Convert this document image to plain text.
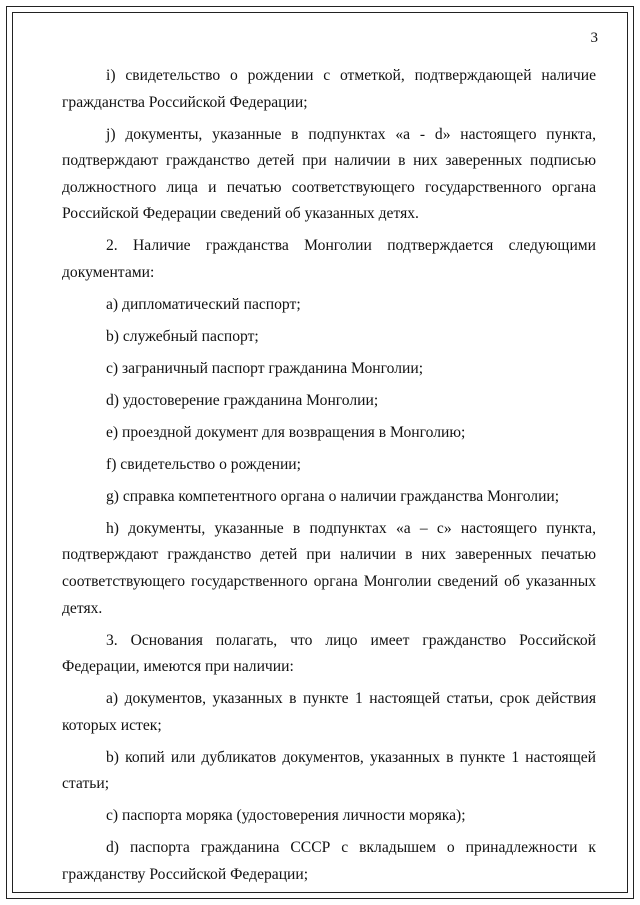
3

i) свидетельство о рождении с отметкой, подтверждающей наличие гражданства Российской Федерации;

j) документы, указанные в подпунктах «a - d» настоящего пункта, подтверждают гражданство детей при наличии в них заверенных подписью должностного лица и печатью соответствующего государственного органа Российской Федерации сведений об указанных детях.

2. Наличие гражданства Монголии подтверждается следующими документами:

a) дипломатический паспорт;

b) служебный паспорт;

c) заграничный паспорт гражданина Монголии;

d) удостоверение гражданина Монголии;

e) проездной документ для возвращения в Монголию;

f) свидетельство о рождении;

g) справка компетентного органа о наличии гражданства Монголии;

h) документы, указанные в подпунктах «a – c» настоящего пункта, подтверждают гражданство детей при наличии в них заверенных печатью соответствующего государственного органа Монголии сведений об указанных детях.

3. Основания полагать, что лицо имеет гражданство Российской Федерации, имеются при наличии:

a) документов, указанных в пункте 1 настоящей статьи, срок действия которых истек;

b) копий или дубликатов документов, указанных в пункте 1 настоящей статьи;

c) паспорта моряка (удостоверения личности моряка);

d) паспорта гражданина СССР с вкладышем о принадлежности к гражданству Российской Федерации;
